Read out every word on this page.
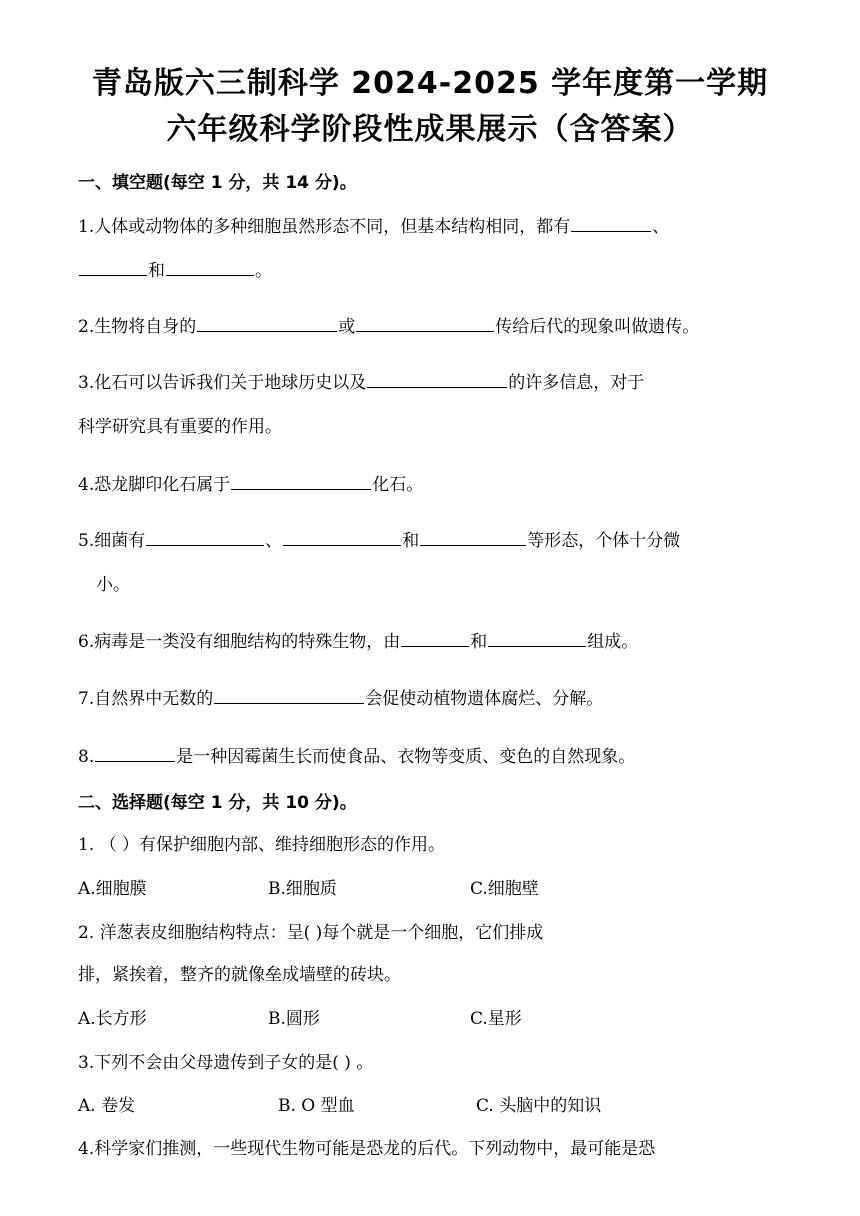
青岛版六三制科学 2024-2025 学年度第一学期
六年级科学阶段性成果展示（含答案）
一、填空题(每空 1 分，共 14 分)。
1.人体或动物体的多种细胞虽然形态不同，但基本结构相同，都有	、
和	。
2.生物将自身的	或	传给后代的现象叫做遗传。
3.化石可以告诉我们关于地球历史以及	的许多信息，对于
科学研究具有重要的作用。
4.恐龙脚印化石属于	化石。
5.细菌有	、	和	等形态，个体十分微
小。
6.病毒是一类没有细胞结构的特殊生物，由	和	组成。
7.自然界中无数的	会促使动植物遗体腐烂、分解。
8.	是一种因霉菌生长而使食品、衣物等变质、变色的自然现象。
二、选择题(每空 1 分，共 10 分)。
1. （ ）有保护细胞内部、维持细胞形态的作用。
A.细胞膜	B.细胞质	C.细胞壁
2. 洋葱表皮细胞结构特点：呈( )每个就是一个细胞，它们排成
排，紧挨着，整齐的就像垒成墙壁的砖块。
A.长方形	B.圆形	C.星形
3.下列不会由父母遗传到子女的是( ) 。
A. 卷发	B. O 型血	C. 头脑中的知识
4.科学家们推测，一些现代生物可能是恐龙的后代。下列动物中，最可能是恐
